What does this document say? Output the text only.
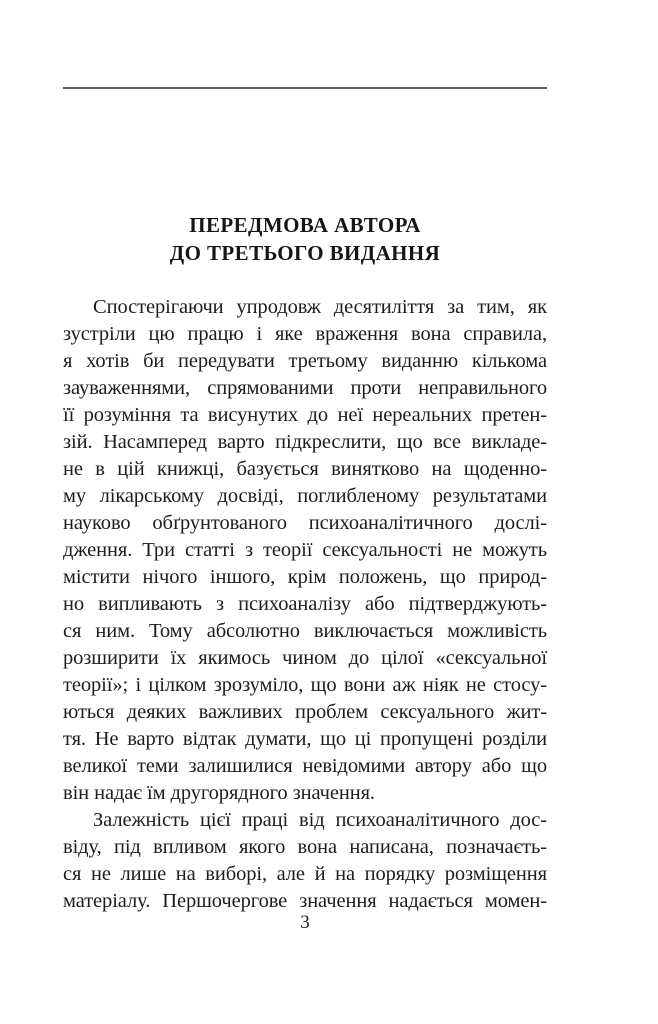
ПЕРЕДМОВА АВТОРА
ДО ТРЕТЬОГО ВИДАННЯ
Спостерігаючи упродовж десятиліття за тим, як
зустріли цю працю і яке враження вона справила,
я хотів би передувати третьому виданню кількома
зауваженнями, спрямованими проти неправильного
її розуміння та висунутих до неї нереальних претен-
зій. Насамперед варто підкреслити, що все викладе-
не в цій книжці, базується винятково на щоденно-
му лікарському досвіді, поглибленому результатами
науково обґрунтованого психоаналітичного дослі-
дження. Три статті з теорії сексуальності не можуть
містити нічого іншого, крім положень, що природ-
но випливають з психоаналізу або підтверджують-
ся ним. Тому абсолютно виключається можливість
розширити їх якимось чином до цілої «сексуальної
теорії»; і цілком зрозуміло, що вони аж ніяк не стосу-
ються деяких важливих проблем сексуального жит-
тя. Не варто відтак думати, що ці пропущені розділи
великої теми залишилися невідомими автору або що
він надає їм другорядного значення.
Залежність цієї праці від психоаналітичного дос-
віду, під впливом якого вона написана, позначаєть-
ся не лише на виборі, але й на порядку розміщення
матеріалу. Першочергове значення надається момен-
3
